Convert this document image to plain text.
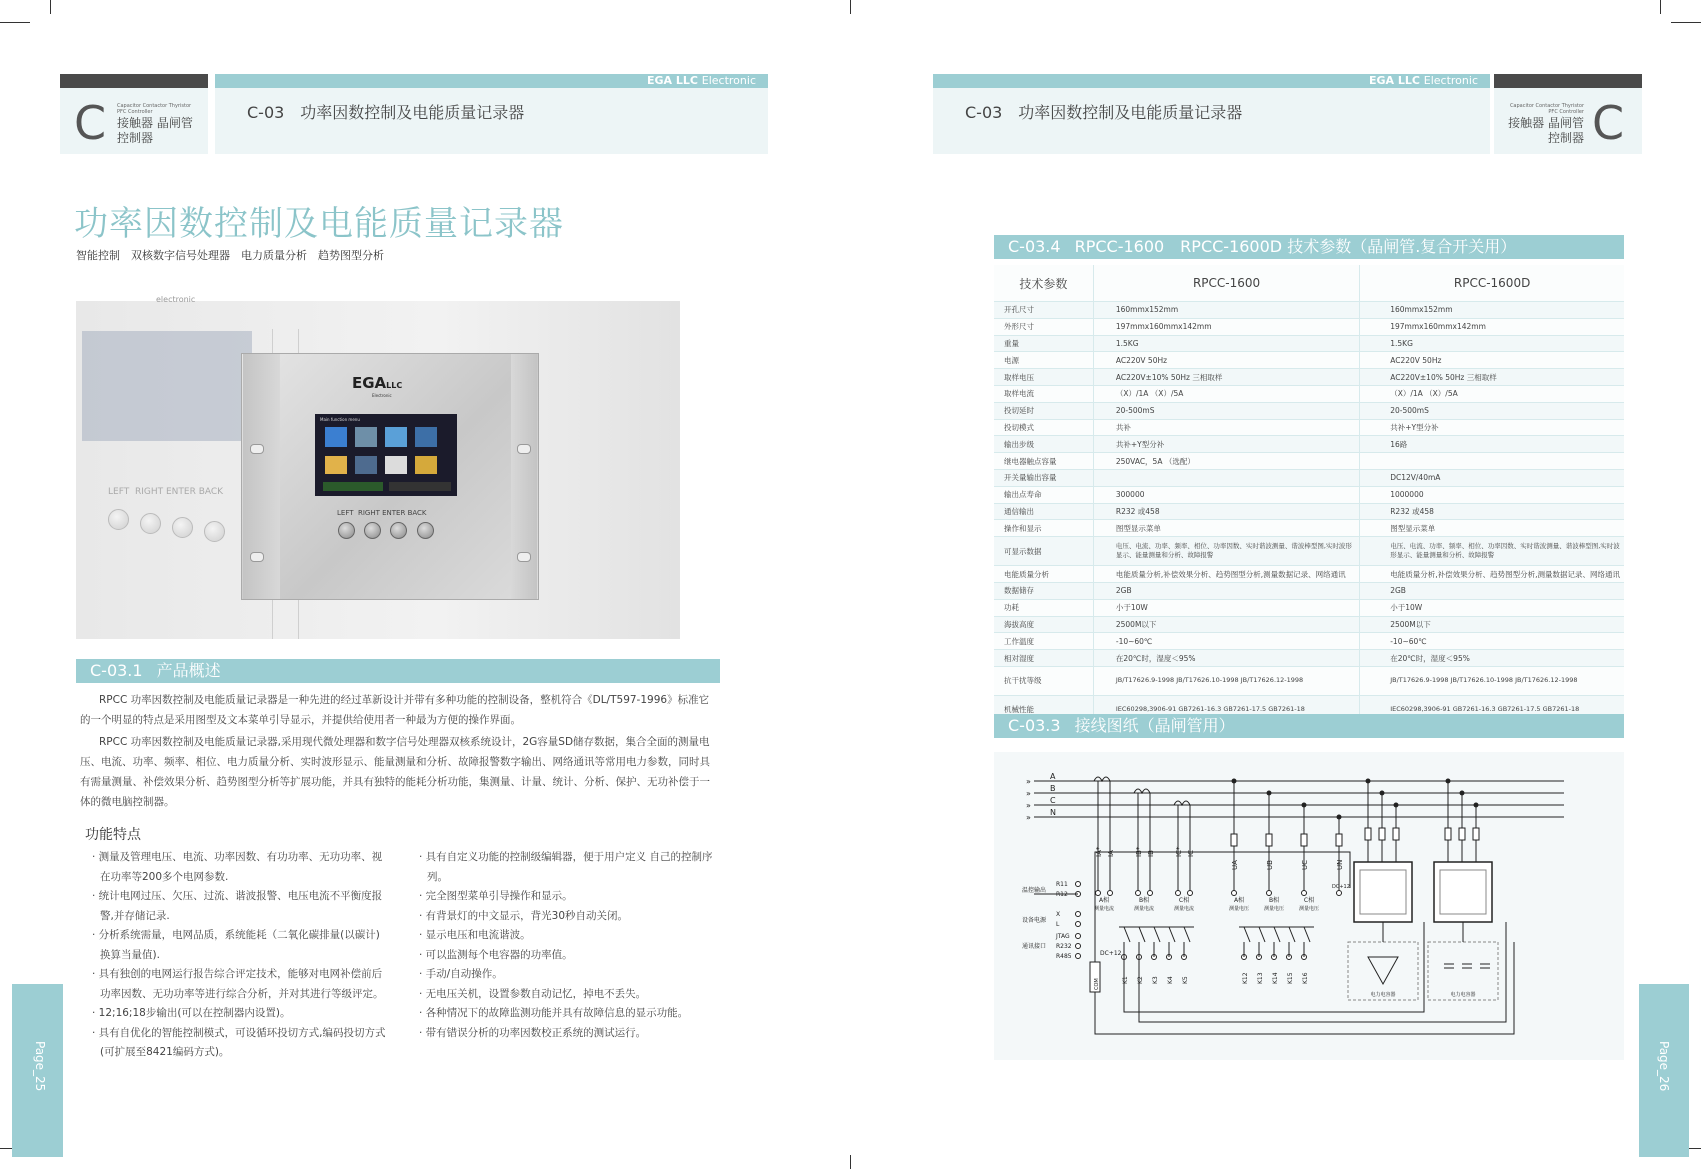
EGA LLC Electronic
C Capacitor Contactor Thyristor
PFC Controller
接触器 晶闸管
控制器
C-03　功率因数控制及电能质量记录器
EGA LLC Electronic
C-03　功率因数控制及电能质量记录器	Capacitor Contactor Thyristor
PFC Controller
接触器 晶闸管
控制器 C
功率因数控制及电能质量记录器
智能控制　双核数字信号处理器　电力质量分析　趋势图型分析
electronic
LEFT RIGHT ENTER BACK
EGALLC
Electronic
Main function menu
LEFT RIGHT ENTER BACK
C-03.1 产品概述
RPCC 功率因数控制及电能质量记录器是一种先进的经过革新设计并带有多种功能的控制设备，整机符合《DL/T597-1996》标准它的一个明显的特点是采用图型及文本菜单引导显示，并提供给使用者一种最为方便的操作界面。
RPCC 功率因数控制及电能质量记录器,采用现代微处理器和数字信号处理器双核系统设计，2G容量SD储存数据，集合全面的测量电压、电流、功率、频率、相位、电力质量分析、实时波形显示、能量测量和分析、故障报警数字输出、网络通讯等常用电力参数，同时具有需量测量、补偿效果分析、趋势图型分析等扩展功能，并具有独特的能耗分析功能，集测量、计量、统计、分析、保护、无功补偿于一体的微电脑控制器。
功能特点
· 测量及管理电压、电流、功率因数、有功功率、无功功率、视在功率等200多个电网参数.
· 统计电网过压、欠压、过流、谐波报警、电压电流不平衡度报警,并存储记录.
· 分析系统需量，电网品质，系统能耗（二氧化碳排量(以碳计)换算当量值).
· 具有独创的电网运行报告综合评定技术，能够对电网补偿前后功率因数、无功功率等进行综合分析，并对其进行等级评定。
· 12;16;18步输出(可以在控制器内设置)。
· 具有自优化的智能控制模式，可设循环投切方式,编码投切方式 (可扩展至8421编码方式)。
· 具有自定义功能的控制级编辑器，便于用户定义 自己的控制序列。
· 完全图型菜单引导操作和显示。
· 有背景灯的中文显示，背光30秒自动关闭。
· 显示电压和电流谐波。
· 可以监测每个电容器的功率值。
· 手动/自动操作。
· 无电压关机，设置参数自动记忆，掉电不丢失。
· 各种情况下的故障监测功能并具有故障信息的显示功能。
· 带有错误分析的功率因数校正系统的测试运行。
Page_25	Page_26
C-03.4 RPCC-1600　RPCC-1600D 技术参数（晶闸管.复合开关用）
技术参数	RPCC-1600	RPCC-1600D
开孔尺寸	160mmx152mm	160mmx152mm
外形尺寸	197mmx160mmx142mm	197mmx160mmx142mm
重量	1.5KG	1.5KG
电源	AC220V 50Hz	AC220V 50Hz
取样电压	AC220V±10% 50Hz 三相取样	AC220V±10% 50Hz 三相取样
取样电流	（X）/1A （X）/5A	（X）/1A （X）/5A
投切延时	20-500mS	20-500mS
投切模式	共补	共补+Y型分补
输出步级	共补+Y型分补	16路
继电器触点容量	250VAC，5A （选配）	
开关量输出容量		DC12V/40mA
输出点寿命	300000	1000000
通信输出	R232 或458	R232 或458
操作和显示	图型显示菜单	图型显示菜单
可显示数据	电压、电流、功率、频率、相位、功率因数、实时谐波测量、谐波棒型图,实时波形显示、能量测量和分析、故障报警	电压、电流、功率、频率、相位、功率因数、实时谐波测量、谐波棒型图,实时波形显示、能量测量和分析、故障报警
电能质量分析	电能质量分析,补偿效果分析、趋势图型分析,测量数据记录、网络通讯	电能质量分析,补偿效果分析、趋势图型分析,测量数据记录、网络通讯
数据储存	2GB	2GB
功耗	小于10W	小于10W
海拔高度	2500M以下	2500M以下
工作温度	-10~60℃	-10~60℃
相对湿度	在20℃时，湿度＜95%	在20℃时，湿度＜95%
抗干扰等级	JB/T17626.9-1998 JB/T17626.10-1998 JB/T17626.12-1998	JB/T17626.9-1998 JB/T17626.10-1998 JB/T17626.12-1998
机械性能	IEC60298,3906-91 GB7261-16.3 GB7261-17.5 GB7261-18	IEC60298,3906-91 GB7261-16.3 GB7261-17.5 GB7261-18
C-03.3 接线图纸（晶闸管用）
A
»
B
»
C
»
N
»
IA* IA	IB* IB	IC* IC
UA	UB	UC	UN
A相
测量电流
B相
测量电流
C相
测量电流
A相
测量电压
B相
测量电压
C相
测量电压
温控输出
设备电源
通讯接口
R11
R12
X
L
JTAG
R232
R485	DC+12
COM	K1 K2 K3 K4 K5	K12 K13 K14 K15 K16
电力电容器	电力电容器
DC+12
